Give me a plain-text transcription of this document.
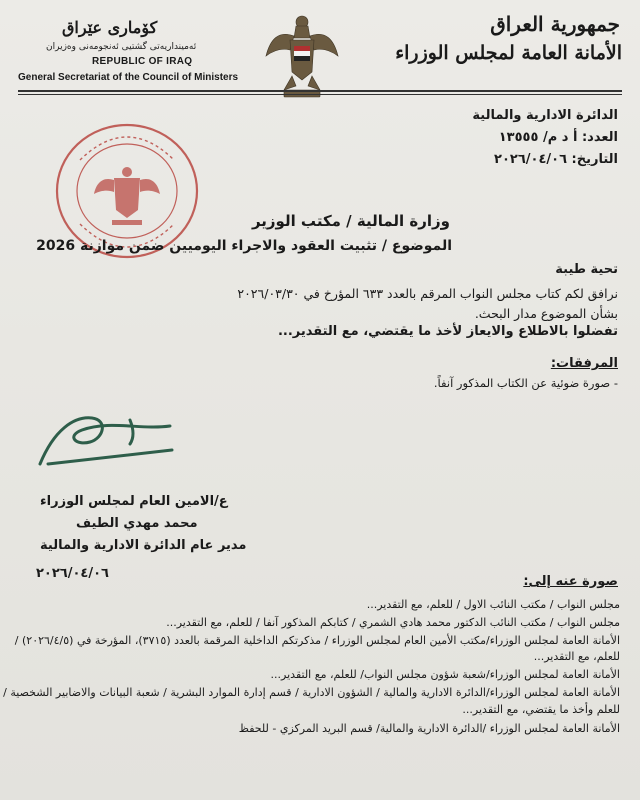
کۆماری عێراق
ئه‌مینداریه‌تی گشتیی ئه‌نجومه‌نی وه‌زیران
REPUBLIC OF IRAQ
General Secretariat of the Council of Ministers
جمهورية العراق
الأمانة العامة لمجلس الوزراء
الدائرة الادارية والمالية
العدد: أ د م/ ١٣٥٥٥
التاريخ: ٢٠٢٦/٠٤/٠٦
وزارة المالية / مكتب الوزير
الموضوع / تثبيت العقود والاجراء اليوميين ضمن موازنة 2026
تحية طيبة
نرافق لكم كتاب مجلس النواب المرقم بالعدد ٦٣٣ المؤرخ في ٢٠٢٦/٠٣/٣٠
بشأن الموضوع مدار البحث.
تفضلوا بالاطلاع والايعاز لأخذ ما يقتضي، مع التقدير...
المرفقات:
- صورة ضوئية عن الكتاب المذكور آنفاً.
ع/الامين العام لمجلس الوزراء
محمد مهدي الطيف
مدير عام الدائرة الادارية والمالية
٢٠٢٦/٠٤/٠٦
صورة عنه إلى:
مجلس النواب / مكتب النائب الاول / للعلم، مع التقدير...
مجلس النواب / مكتب النائب الدكتور محمد هادي الشمري / كتابكم المذكور آنفا / للعلم، مع التقدير...
الأمانة العامة لمجلس الوزراء/مكتب الأمين العام لمجلس الوزراء / مذكرتكم الداخلية المرقمة بالعدد (٣٧١٥)، المؤرخة في (٢٠٢٦/٤/٥) /
للعلم، مع التقدير...
الأمانة العامة لمجلس الوزراء/شعبة شؤون مجلس النواب/ للعلم، مع التقدير...
الأمانة العامة لمجلس الوزراء/الدائرة الادارية والمالية / الشؤون الادارية / قسم إدارة الموارد البشرية / شعبة البيانات والاضابير الشخصية /
للعلم وأخذ ما يقتضي، مع التقدير...
الأمانة العامة لمجلس الوزراء /الدائرة الادارية والمالية/ قسم البريد المركزي - للحفظ
